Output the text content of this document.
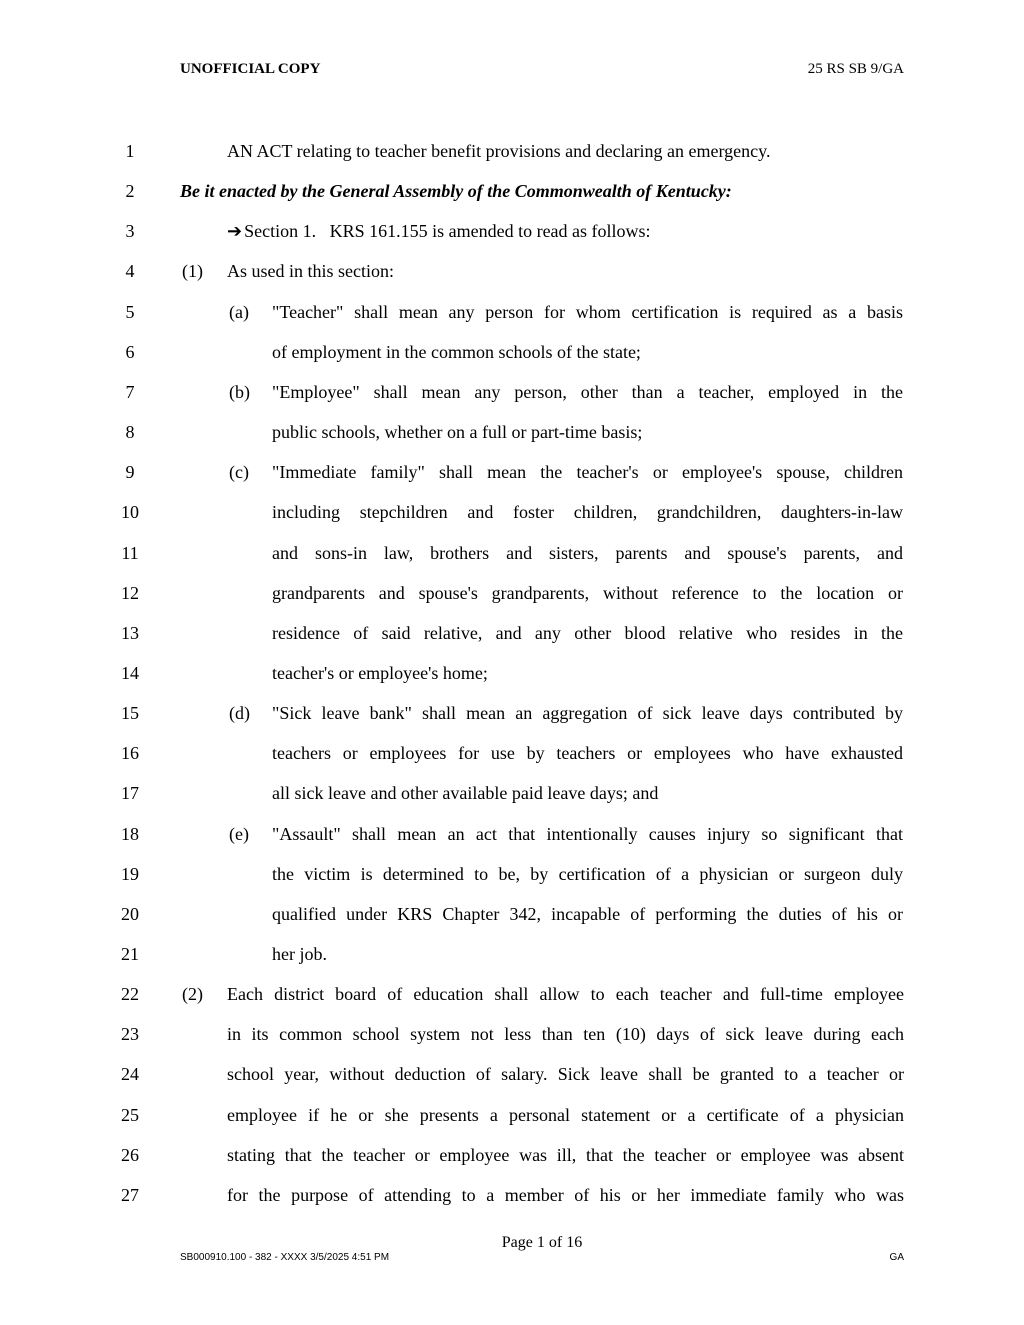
UNOFFICIAL COPY	25 RS SB 9/GA
1	AN ACT relating to teacher benefit provisions and declaring an emergency.
2	Be it enacted by the General Assembly of the Commonwealth of Kentucky:
3	➔ Section 1.   KRS 161.155 is amended to read as follows:
4	(1) As used in this section:
5	(a) "Teacher" shall mean any person for whom certification is required as a basis
6	of employment in the common schools of the state;
7	(b) "Employee" shall mean any person, other than a teacher, employed in the
8	public schools, whether on a full or part-time basis;
9	(c) "Immediate family" shall mean the teacher's or employee's spouse, children
10	including stepchildren and foster children, grandchildren, daughters-in-law
11	and sons-in law, brothers and sisters, parents and spouse's parents, and
12	grandparents and spouse's grandparents, without reference to the location or
13	residence of said relative, and any other blood relative who resides in the
14	teacher's or employee's home;
15	(d) "Sick leave bank" shall mean an aggregation of sick leave days contributed by
16	teachers or employees for use by teachers or employees who have exhausted
17	all sick leave and other available paid leave days; and
18	(e) "Assault" shall mean an act that intentionally causes injury so significant that
19	the victim is determined to be, by certification of a physician or surgeon duly
20	qualified under KRS Chapter 342, incapable of performing the duties of his or
21	her job.
22	(2) Each district board of education shall allow to each teacher and full-time employee
23	in its common school system not less than ten (10) days of sick leave during each
24	school year, without deduction of salary. Sick leave shall be granted to a teacher or
25	employee if he or she presents a personal statement or a certificate of a physician
26	stating that the teacher or employee was ill, that the teacher or employee was absent
27	for the purpose of attending to a member of his or her immediate family who was
Page 1 of 16
SB000910.100 - 382 - XXXX 3/5/2025 4:51 PM	GA
